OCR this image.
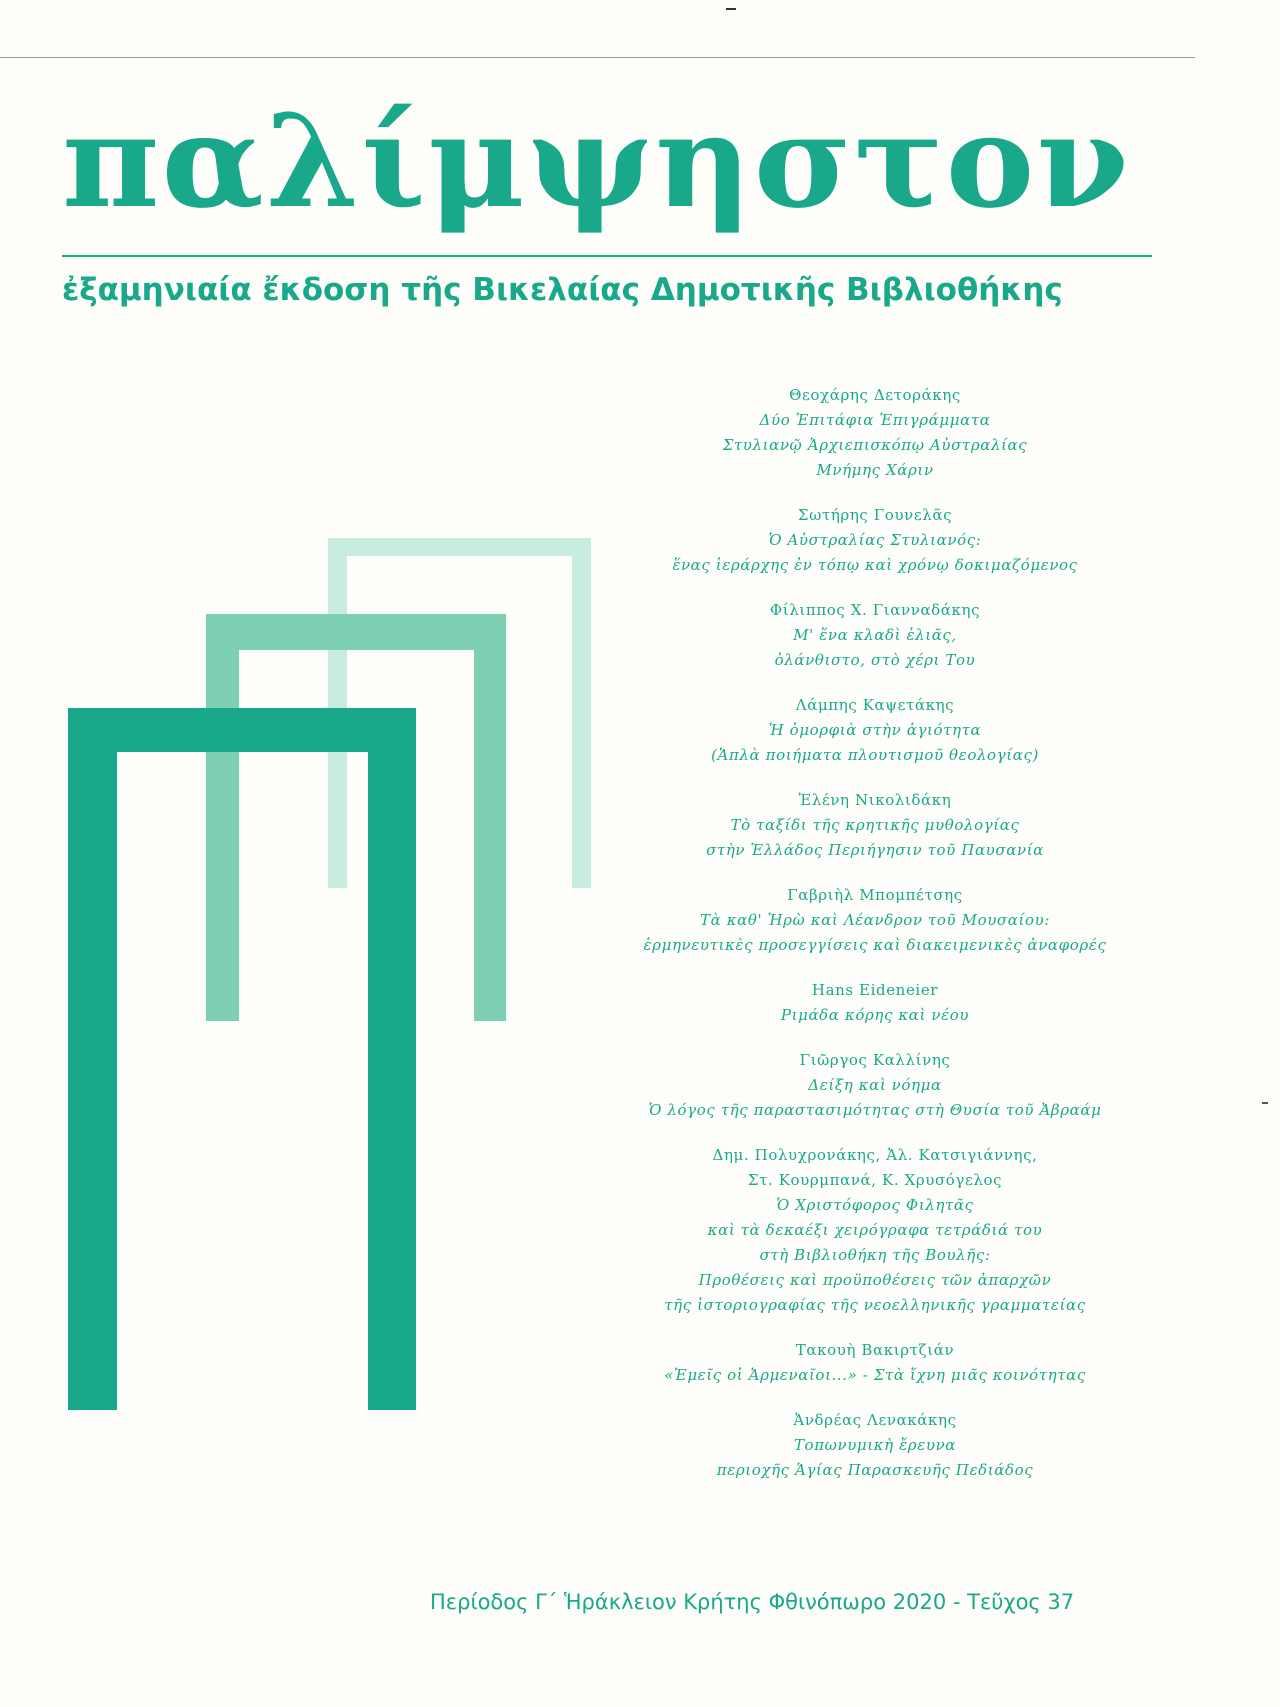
παλίμψηστον

ἐξαμηνιαία ἔκδοση τῆς Βικελαίας Δημοτικῆς Βιβλιοθήκης

Θεοχάρης Δετοράκης
Δύο Ἐπιτάφια Ἐπιγράμματα
Στυλιανῷ Ἀρχιεπισκόπῳ Αὐστραλίας
Μνήμης Χάριν
Σωτήρης Γουνελᾶς
Ὁ Αὐστραλίας Στυλιανός:
ἕνας ἱεράρχης ἐν τόπῳ καὶ χρόνῳ δοκιμαζόμενος
Φίλιππος Χ. Γιανναδάκης
Μ' ἕνα κλαδὶ ἐλιᾶς,
ὁλάνθιστο, στὸ χέρι Του
Λάμπης Καψετάκης
Ἡ ὀμορφιὰ στὴν ἁγιότητα
(Ἁπλὰ ποιήματα πλουτισμοῦ θεολογίας)
Ἑλένη Νικολιδάκη
Τὸ ταξίδι τῆς κρητικῆς μυθολογίας
στὴν Ἑλλάδος Περιήγησιν τοῦ Παυσανία
Γαβριὴλ Μπομπέτσης
Τὰ καθ' Ἡρὼ καὶ Λέανδρον τοῦ Μουσαίου:
ἑρμηνευτικὲς προσεγγίσεις καὶ διακειμενικὲς ἀναφορές
Hans Eideneier
Ριμάδα κόρης καὶ νέου
Γιῶργος Καλλίνης
Δείξη καὶ νόημα
Ὁ λόγος τῆς παραστασιμότητας στὴ Θυσία τοῦ Ἀβραάμ
Δημ. Πολυχρονάκης, Ἀλ. Κατσιγιάννης,
Στ. Κουρμπανά, Κ. Χρυσόγελος
Ὁ Χριστόφορος Φιλητᾶς
καὶ τὰ δεκαέξι χειρόγραφα τετράδιά του
στὴ Βιβλιοθήκη τῆς Βουλῆς:
Προθέσεις καὶ προϋποθέσεις τῶν ἀπαρχῶν
τῆς ἱστοριογραφίας τῆς νεοελληνικῆς γραμματείας
Τακουὴ Βακιρτζιάν
«Ἐμεῖς οἱ Ἀρμεναῖοι...» - Στὰ ἴχνη μιᾶς κοινότητας
Ἀνδρέας Λενακάκης
Τοπωνυμικὴ ἔρευνα
περιοχῆς Ἁγίας Παρασκευῆς Πεδιάδος

Περίοδος Γ΄ Ἡράκλειον Κρήτης Φθινόπωρο 2020 - Τεῦχος 37
